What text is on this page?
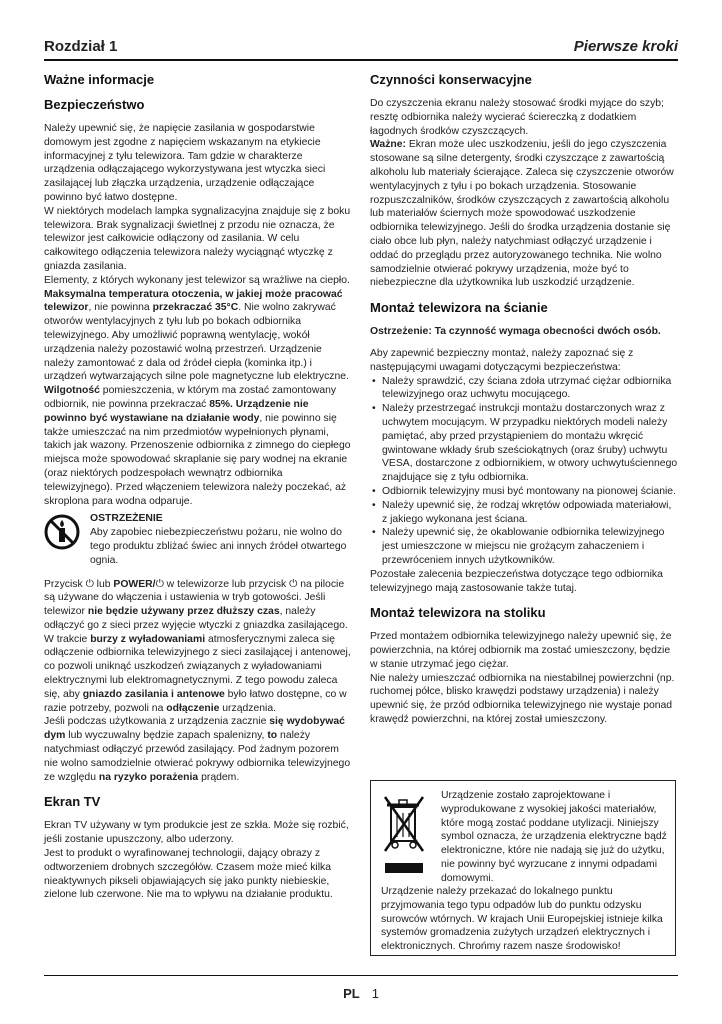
Rozdział 1	Pierwsze kroki
Ważne informacje
Bezpieczeństwo

Należy upewnić się, że napięcie zasilania w gospodarstwie domowym jest zgodne z napięciem wskazanym na etykiecie informacyjnej z tyłu telewizora. Tam gdzie w charakterze urządzenia odłączającego wykorzystywana jest wtyczka sieci zasilającej lub złączka urządzenia, urządzenie odłączające powinno być łatwo dostępne.

W niektórych modelach lampka sygnalizacyjna znajduje się z boku telewizora. Brak sygnalizacji świetlnej z przodu nie oznacza, że telewizor jest całkowicie odłączony od zasilania. W celu całkowitego odłączenia telewizora należy wyciągnąć wtyczkę z gniazda zasilania.

Elementy, z których wykonany jest telewizor są wrażliwe na ciepło. Maksymalna temperatura otoczenia, w jakiej może pracować telewizor, nie powinna przekraczać 35°C. Nie wolno zakrywać otworów wentylacyjnych z tyłu lub po bokach odbiornika telewizyjnego. Aby umożliwić poprawną wentylację, wokół urządzenia należy pozostawić wolną przestrzeń. Urządzenie należy zamontować z dala od źródeł ciepła (kominka itp.) i urządzeń wytwarzających silne pole magnetyczne lub elektryczne.

Wilgotność pomieszczenia, w którym ma zostać zamontowany odbiornik, nie powinna przekraczać 85%. Urządzenie nie powinno być wystawiane na działanie wody, nie powinno się także umieszczać na nim przedmiotów wypełnionych płynami, takich jak wazony. Przenoszenie odbiornika z zimnego do ciepłego miejsca może spowodować skraplanie się pary wodnej na ekranie (oraz niektórych podzespołach wewnątrz odbiornika telewizyjnego). Przed włączeniem telewizora należy poczekać, aż skroplona para wodna odparuje.

OSTRZEŻENIE
Aby zapobiec niebezpieczeństwu pożaru, nie wolno do tego produktu zbliżać świec ani innych źródeł otwartego ognia.

Przycisk ⏻ lub POWER/⏻ w telewizorze lub przycisk ⏻ na pilocie są używane do włączenia i ustawienia w tryb gotowości. Jeśli telewizor nie będzie używany przez dłuższy czas, należy odłączyć go z sieci przez wyjęcie wtyczki z gniazdka zasilającego.

W trakcie burzy z wyładowaniami atmosferycznymi zaleca się odłączenie odbiornika telewizyjnego z sieci zasilającej i antenowej, co pozwoli uniknąć uszkodzeń związanych z wyładowaniami elektrycznymi lub elektromagnetycznymi. Z tego powodu zaleca się, aby gniazdo zasilania i antenowe było łatwo dostępne, co w razie potrzeby, pozwoli na odłączenie urządzenia.

Jeśli podczas użytkowania z urządzenia zacznie się wydobywać dym lub wyczuwalny będzie zapach spalenizny, to należy natychmiast odłączyć przewód zasilający. Pod żadnym pozorem nie wolno samodzielnie otwierać pokrywy odbiornika telewizyjnego ze względu na ryzyko porażenia prądem.

Ekran TV

Ekran TV używany w tym produkcie jest ze szkła. Może się rozbić, jeśli zostanie upuszczony, albo uderzony.

Jest to produkt o wyrafinowanej technologii, dający obrazy z odtworzeniem drobnych szczegółów. Czasem może mieć kilka nieaktywnych pikseli objawiających się jako punkty niebieskie, zielone lub czerwone. Nie ma to wpływu na działanie produktu.

Czynności konserwacyjne

Do czyszczenia ekranu należy stosować środki myjące do szyb; resztę odbiornika należy wycierać ściereczką z dodatkiem łagodnych środków czyszczących.

Ważne: Ekran może ulec uszkodzeniu, jeśli do jego czyszczenia stosowane są silne detergenty, środki czyszczące z zawartością alkoholu lub materiały ścierające. Zaleca się czyszczenie otworów wentylacyjnych z tyłu i po bokach urządzenia. Stosowanie rozpuszczalników, środków czyszczących z zawartością alkoholu lub materiałów ściernych może spowodować uszkodzenie odbiornika telewizyjnego. Jeśli do środka urządzenia dostanie się ciało obce lub płyn, należy natychmiast odłączyć urządzenie i oddać do przeglądu przez autoryzowanego technika. Nie wolno samodzielnie otwierać pokrywy urządzenia, może być to niebezpieczne dla użytkownika lub uszkodzić urządzenie.

Montaż telewizora na ścianie

Ostrzeżenie: Ta czynność wymaga obecności dwóch osób.

Aby zapewnić bezpieczny montaż, należy zapoznać się z następującymi uwagami dotyczącymi bezpieczeństwa:

• Należy sprawdzić, czy ściana zdoła utrzymać ciężar odbiornika telewizyjnego oraz uchwytu mocującego.
• Należy przestrzegać instrukcji montażu dostarczonych wraz z uchwytem mocującym. W przypadku niektórych modeli należy pamiętać, aby przed przystąpieniem do montażu wkręcić gwintowane wkłady śrub sześciokątnych (oraz śruby) uchwytu VESA, dostarczone z odbiornikiem, w otwory uchwytuściennego znajdujące się z tyłu odbiornika.
• Odbiornik telewizyjny musi być montowany na pionowej ścianie.
• Należy upewnić się, że rodzaj wkrętów odpowiada materiałowi, z jakiego wykonana jest ściana.
• Należy upewnić się, że okablowanie odbiornika telewizyjnego jest umieszczone w miejscu nie grożącym zahaczeniem i przewróceniem innych użytkowników.

Pozostałe zalecenia bezpieczeństwa dotyczące tego odbiornika telewizyjnego mają zastosowanie także tutaj.

Montaż telewizora na stoliku

Przed montażem odbiornika telewizyjnego należy upewnić się, że powierzchnia, na której odbiornik ma zostać umieszczony, będzie w stanie utrzymać jego ciężar.

Nie należy umieszczać odbiornika na niestabilnej powierzchni (np. ruchomej półce, blisko krawędzi podstawy urządzenia) i należy upewnić się, że przód odbiornika telewizyjnego nie wystaje ponad krawędź powierzchni, na której został umieszczony.

Urządzenie zostało zaprojektowane i wyprodukowane z wysokiej jakości materiałów, które mogą zostać poddane utylizacji. Niniejszy symbol oznacza, że urządzenia elektryczne bądź elektroniczne, które nie nadają się już do użytku, nie powinny być wyrzucane z innymi odpadami domowymi.
Urządzenie należy przekazać do lokalnego punktu przyjmowania tego typu odpadów lub do punktu odzysku surowców wtórnych. W krajach Unii Europejskiej istnieje kilka systemów gromadzenia zużytych urządzeń elektrycznych i elektronicznych. Chrońmy razem nasze środowisko!
PL 1
